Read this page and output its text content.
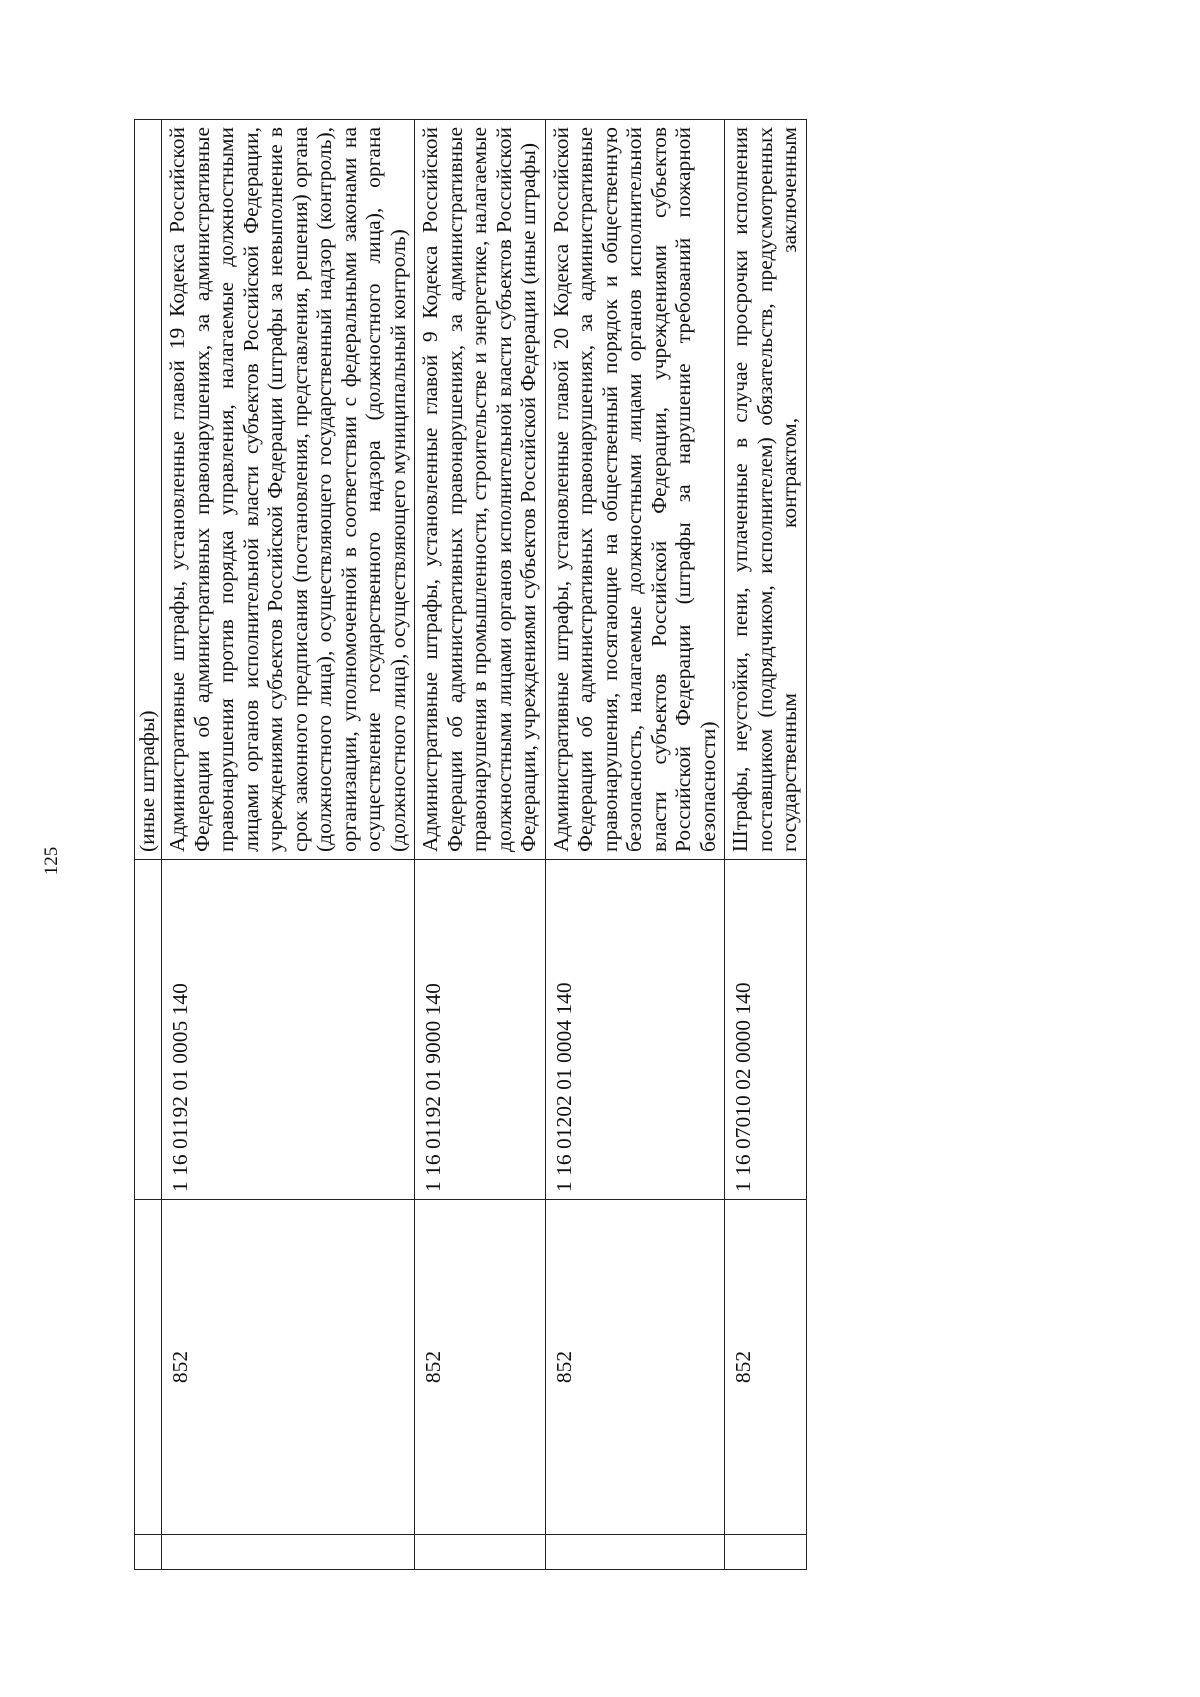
125
			(иные штрафы)
	852	1 16 01192 01 0005 140	Административные штрафы, установленные главой 19 Кодекса Российской Федерации об административных правонарушениях, за административные правонарушения против порядка управления, налагаемые должностными лицами органов исполнительной власти субъектов Российской Федерации, учреждениями субъектов Российской Федерации (штрафы за невыполнение в срок законного предписания (постановления, представления, решения) органа (должностного лица), осуществляющего государственный надзор (контроль), организации, уполномоченной в соответствии с федеральными законами на осуществление государственного надзора (должностного лица), органа (должностного лица), осуществляющего муниципальный контроль)
	852	1 16 01192 01 9000 140	Административные штрафы, установленные главой 9 Кодекса Российской Федерации об административных правонарушениях, за административные правонарушения в промышленности, строительстве и энергетике, налагаемые должностными лицами органов исполнительной власти субъектов Российской Федерации, учреждениями субъектов Российской Федерации (иные штрафы)
	852	1 16 01202 01 0004 140	Административные штрафы, установленные главой 20 Кодекса Российской Федерации об административных правонарушениях, за административные правонарушения, посягающие на общественный порядок и общественную безопасность, налагаемые должностными лицами органов исполнительной власти субъектов Российской Федерации, учреждениями субъектов Российской Федерации (штрафы за нарушение требований пожарной безопасности)
	852	1 16 07010 02 0000 140	Штрафы, неустойки, пени, уплаченные в случае просрочки исполнения поставщиком (подрядчиком, исполнителем) обязательств, предусмотренных государственным контрактом, заключенным
